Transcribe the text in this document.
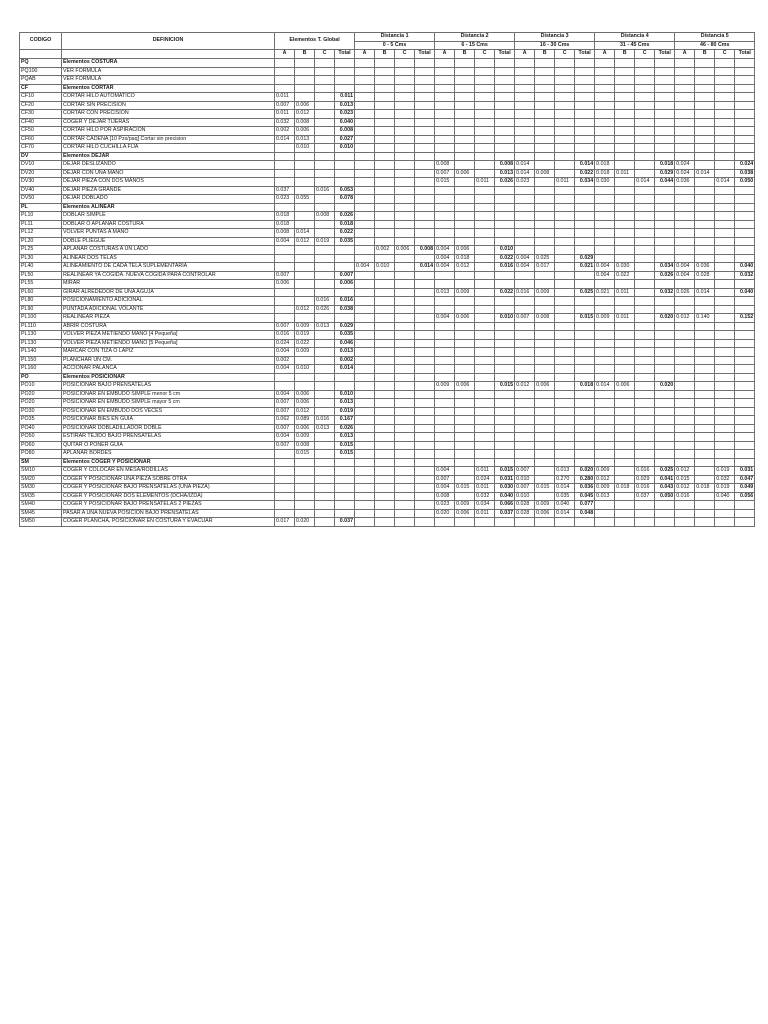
CODIGO	DEFINICION	Elementos T. Global				Distancia 1				Distancia 2				Distancia 3				Distancia 4				Distancia 5			
						0 - 5 Cms				6 - 15 Cms				16 - 30 Cms				31 - 45 Cms				46 - 80 Cms			
		A	B	C	Total	A	B	C	Total	A	B	C	Total	A	B	C	Total	A	B	C	Total	A	B	C	Total
PQ	Elementos COSTURA																								
PQ100	VER FORMULA																								
PQAB	VER FORMULA																								
CF	Elementos CORTAR																								
CF10	CORTAR HILO AUTOMATICO	0.011			0.011																				
CF20	CORTAR SIN PRECISION	0.007	0.006		0.013																				
CF30	CORTAR CON PRECISION	0.011	0.012		0.023																				
CF40	COGER Y DEJAR TIJERAS	0.032	0.008		0.040																				
CF50	CORTAR HILO POR ASPIRACION	0.002	0.006		0.008																				
CF60	CORTAR CADENA [10 Pzs/paq] Cortar sin precision	0.014	0.013		0.027																				
CF70	CORTAR HILO CUCHILLA FIJA		0.010		0.010																				
DV	Elementos DEJAR																								
DV10	DEJAR DESLIZANDO									0.008			0.008	0.014			0.014	0.018			0.018	0.024			0.024
DV20	DEJAR CON UNA MANO									0.007	0.006		0.013	0.014	0.008		0.022	0.018	0.011		0.029	0.024	0.014		0.038
DV30	DEJAR PIEZA CON DOS MANOS									0.015		0.011	0.026	0.023		0.011	0.034	0.030		0.014	0.044	0.036		0.014	0.050
DV40	DEJAR PIEZA GRANDE	0.037		0.016	0.053																				
DV50	DEJAR DOBLADO	0.023	0.055		0.078																				
PL	Elementos ALINEAR																								
PL10	DOBLAR SIMPLE	0.018		0.008	0.026																				
PL11	DOBLAR O APLANAR COSTURA	0.018			0.018																				
PL12	VOLVER PUNTAS A MANO	0.008	0.014		0.022																				
PL20	DOBLE PLIEGUE	0.004	0.012	0.019	0.035																				
PL25	APLANAR COSTURAS A UN LADO						0.002	0.006	0.008	0.004	0.006		0.010												
PL30	ALINEAR DOS TELAS									0.004	0.018		0.022	0.004	0.025		0.029								
PL40	ALINEAMIENTO DE CADA TELA SUPLEMENTARIA					0.004	0.010		0.014	0.004	0.012		0.016	0.004	0.017		0.021	0.004	0.030		0.034	0.004	0.036		0.040
PL50	REALINEAR YA COGIDA. NUEVA COGIDA PARA CONTROLAR	0.007			0.007													0.004	0.022		0.026	0.004	0.028		0.032
PL55	MIRAR	0.006			0.006																				
PL60	GIRAR ALREDEDOR DE UNA AGUJA									0.013	0.009		0.022	0.016	0.009		0.025	0.021	0.011		0.032	0.026	0.014		0.040
PL80	POSICIONAMIENTO ADICIONAL			0.016	0.016																				
PL90	PUNTADA ADICIONAL VOLANTE		0.012	0.026	0.038																				
PL100	REALINEAR PIEZA									0.004	0.006		0.010	0.007	0.008		0.015	0.009	0.011		0.020	0.012	0.140		0.152
PL110	ABRIR COSTURA	0.007	0.009	0.013	0.029																				
PL130	VOLVER PIEZA METIENDO MANO [4 Pequeña]	0.016	0.019		0.035																				
PL130	VOLVER PIEZA METIENDO MANO [5 Pequeña]	0.024	0.022		0.046																				
PL140	MARCAR CON TIZA O LAPIZ	0.004	0.009		0.013																				
PL150	PLANCHAR UN CM.	0.002			0.002																				
PL160	ACCIONAR PALANCA	0.004	0.010		0.014																				
PO	Elementos POSICIONAR																								
PO10	POSICIONAR BAJO PRENSATELAS									0.009	0.006		0.015	0.012	0.006		0.018	0.014	0.006		0.020				
PO20	POSICIONAR EN EMBUDO SIMPLE menor 5 cm	0.004	0.006		0.010																				
PO20	POSICIONAR EN EMBUDO SIMPLE mayor 5 cm	0.007	0.006		0.013																				
PO30	POSICIONAR EN EMBUDO DOS VECES	0.007	0.012		0.019																				
PO35	POSICIONAR BIES EN GUIA	0.062	0.089	0.016	0.167																				
PO40	POSICIONAR DOBLADILLADOR DOBLE	0.007	0.006	0.013	0.026																				
PO50	ESTIRAR TEJIDO BAJO PRENSATELAS	0.004	0.009		0.013																				
PO60	QUITAR O PONER GUIA	0.007	0.008		0.015																				
PO80	APLANAR BORDES		0.015		0.015																				
SM	Elementos COGER Y POSICIONAR																								
SM10	COGER Y COLOCAR EN MESA/RODILLAS									0.004		0.011	0.015	0.007		0.013	0.020	0.009		0.016	0.025	0.012		0.019	0.031
SM20	COGER Y POSICIONAR UNA PIEZA SOBRE OTRA									0.007		0.024	0.031	0.010		0.270	0.280	0.012		0.029	0.041	0.015		0.032	0.047
SM30	COGER Y POSICIONAR BAJO PRENSATELAS (UNA PIEZA)									0.004	0.015	0.011	0.030	0.007	0.015	0.014	0.036	0.009	0.018	0.016	0.043	0.012	0.018	0.019	0.049
SM35	COGER Y POSICIONAR DOS ELEMENTOS (DCHA/IZDA)									0.008		0.032	0.040	0.010		0.035	0.045	0.013		0.037	0.050	0.016		0.040	0.056
SM40	COGER Y POSICIONAR BAJO PRENSATELAS 2 PIEZAS									0.023	0.009	0.034	0.066	0.028	0.009	0.040	0.077								
SM45	PASAR A UNA NUEVA POSICION BAJO PRENSATELAS									0.020	0.006	0.011	0.037	0.028	0.006	0.014	0.048								
SM50	COGER PLANCHA, POSICIONAR EN COSTURA Y EVACUAR	0.017	0.020		0.037																				
